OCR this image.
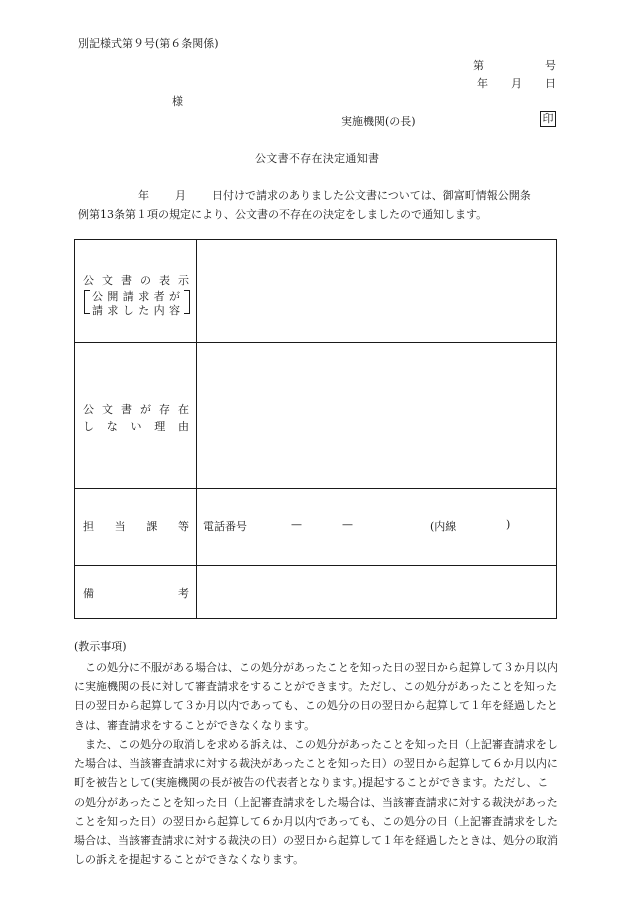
別記様式第９号(第６条関係)
第	号
年 月 日
様
実施機関(の長)	印
公文書不存在決定通知書
年 月 日付けで請求のありました公文書については、御富町情報公開条
例第13条第１項の規定により、公文書の不存在の決定をしましたので通知します。
公文書の表示
公開請求者が
請求した内容
公文書が存在
しない理由
担当課等 電話番号	—	—	(内線	)
備考
(教示事項)
この処分に不服がある場合は、この処分があったことを知った日の翌日から起算して３か月以内に実施機関の長に対して審査請求をすることができます。ただし、この処分があったことを知った日の翌日から起算して３か月以内であっても、この処分の日の翌日から起算して１年を経過したときは、審査請求をすることができなくなります。
また、この処分の取消しを求める訴えは、この処分があったことを知った日（上記審査請求をした場合は、当該審査請求に対する裁決があったことを知った日）の翌日から起算して６か月以内に町を被告として(実施機関の長が被告の代表者となります。)提起することができます。ただし、この処分があったことを知った日（上記審査請求をした場合は、当該審査請求に対する裁決があったことを知った日）の翌日から起算して６か月以内であっても、この処分の日（上記審査請求をした場合は、当該審査請求に対する裁決の日）の翌日から起算して１年を経過したときは、処分の取消しの訴えを提起することができなくなります。
